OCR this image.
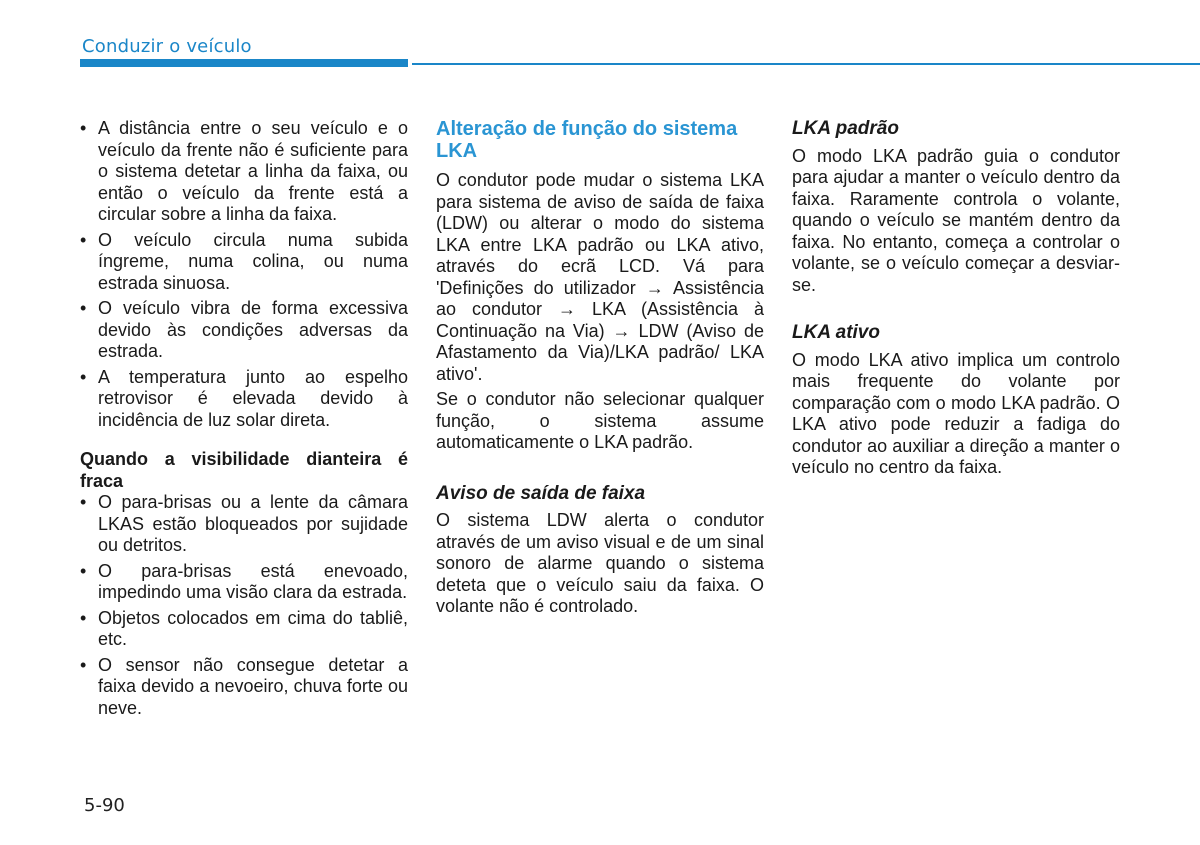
Conduzir o veículo
• A distância entre o seu veículo e o veículo da frente não é suficiente para o sistema detetar a linha da faixa, ou então o veículo da frente está a circular sobre a linha da faixa.
• O veículo circula numa subida íngreme, numa colina, ou numa estrada sinuosa.
• O veículo vibra de forma excessiva devido às condições adversas da estrada.
• A temperatura junto ao espelho retrovisor é elevada devido à incidência de luz solar direta.

Quando a visibilidade dianteira é fraca

• O para-brisas ou a lente da câmara LKAS estão bloqueados por sujidade ou detritos.
• O para-brisas está enevoado, impedindo uma visão clara da estrada.
• Objetos colocados em cima do tabliê, etc.
• O sensor não consegue detetar a faixa devido a nevoeiro, chuva forte ou neve.
Alteração de função do sistema LKA

O condutor pode mudar o sistema LKA para sistema de aviso de saída de faixa (LDW) ou alterar o modo do sistema LKA entre LKA padrão ou LKA ativo, através do ecrã LCD. Vá para 'Definições do utilizador → Assistência ao condutor → LKA (Assistência à Continuação na Via) → LDW (Aviso de Afastamento da Via)/LKA padrão/ LKA ativo'.

Se o condutor não selecionar qualquer função, o sistema assume automaticamente o LKA padrão.

Aviso de saída de faixa

O sistema LDW alerta o condutor através de um aviso visual e de um sinal sonoro de alarme quando o sistema deteta que o veículo saiu da faixa. O volante não é controlado.

LKA padrão

O modo LKA padrão guia o condutor para ajudar a manter o veículo dentro da faixa. Raramente controla o volante, quando o veículo se mantém dentro da faixa. No entanto, começa a controlar o volante, se o veículo começar a desviar-se.

LKA ativo

O modo LKA ativo implica um controlo mais frequente do volante por comparação com o modo LKA padrão. O LKA ativo pode reduzir a fadiga do condutor ao auxiliar a direção a manter o veículo no centro da faixa.

5-90
